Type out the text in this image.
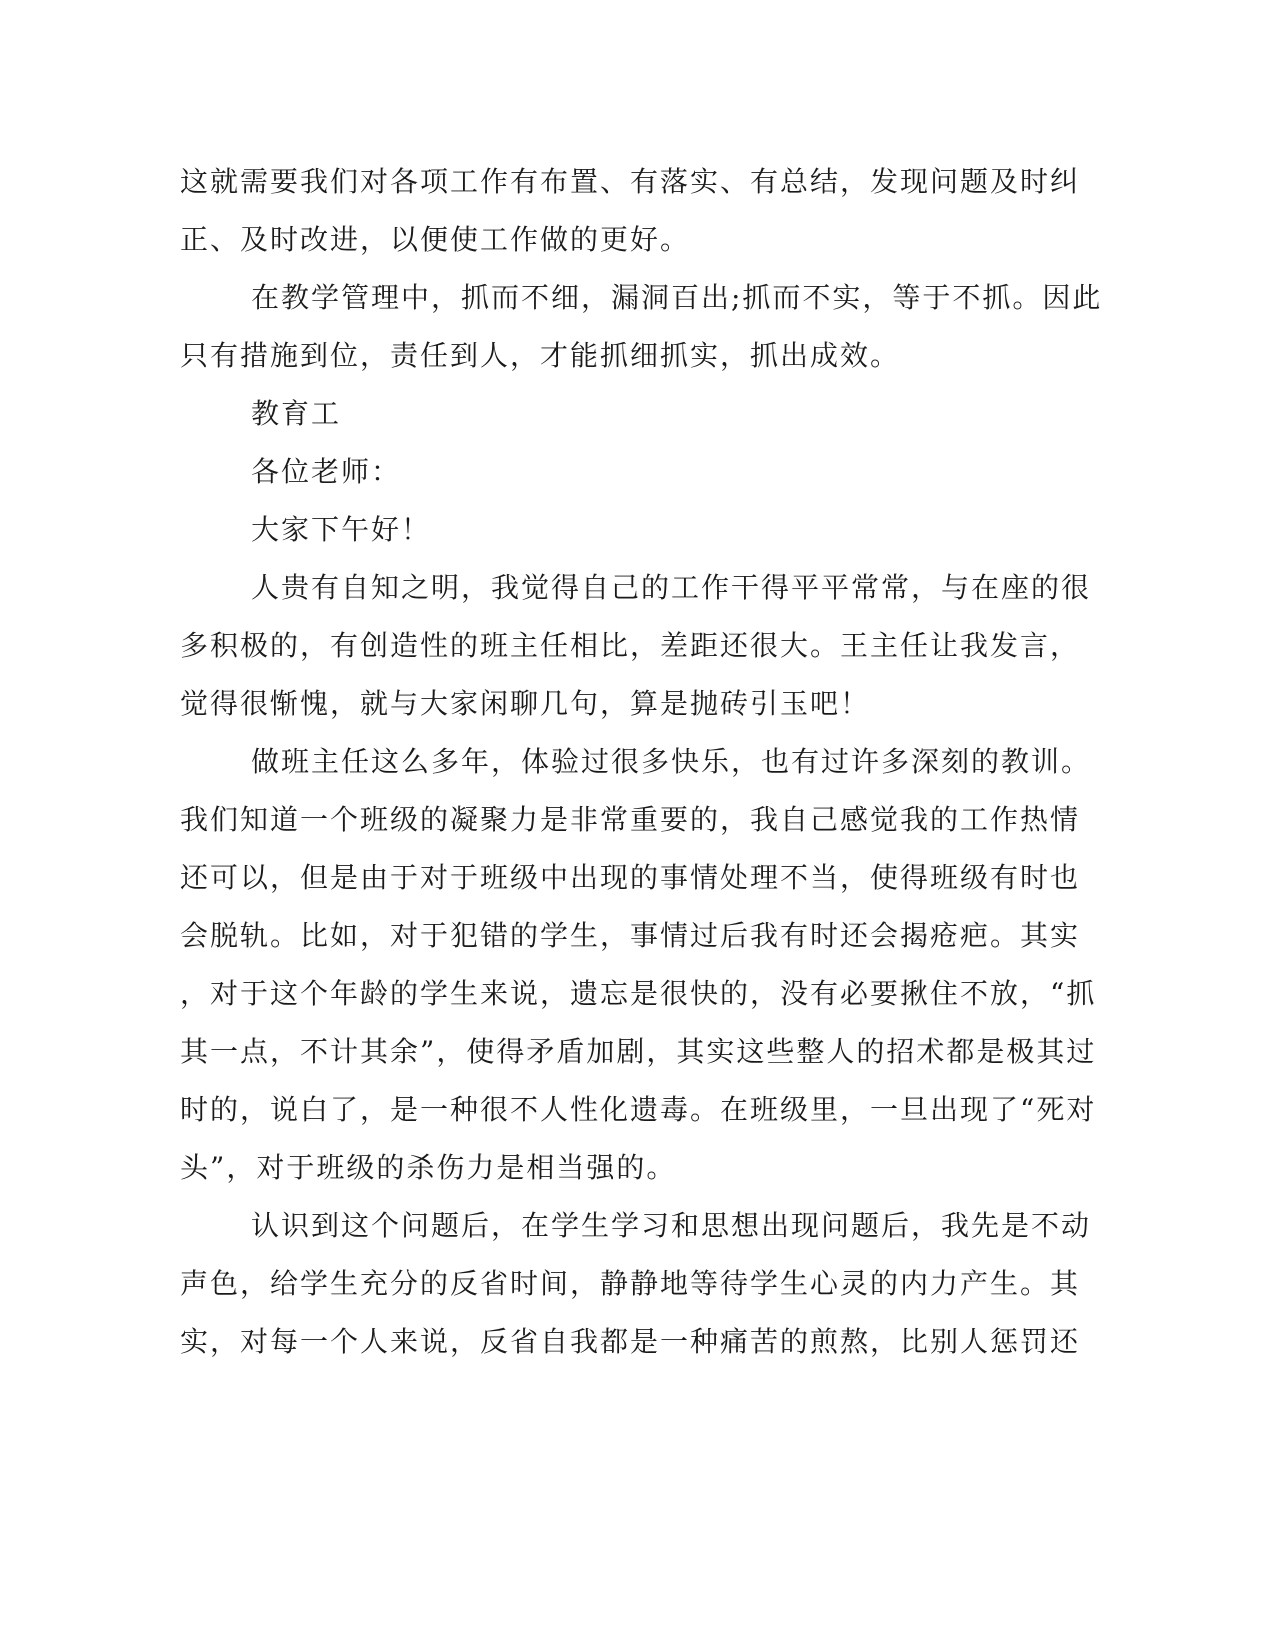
这就需要我们对各项工作有布置、有落实、有总结，发现问题及时纠
正、及时改进，以便使工作做的更好。
在教学管理中，抓而不细，漏洞百出;抓而不实，等于不抓。因此
只有措施到位，责任到人，才能抓细抓实，抓出成效。
教育工
各位老师：
大家下午好！
人贵有自知之明，我觉得自己的工作干得平平常常，与在座的很
多积极的，有创造性的班主任相比，差距还很大。王主任让我发言，
觉得很惭愧，就与大家闲聊几句，算是抛砖引玉吧！
做班主任这么多年，体验过很多快乐，也有过许多深刻的教训。
我们知道一个班级的凝聚力是非常重要的，我自己感觉我的工作热情
还可以，但是由于对于班级中出现的事情处理不当，使得班级有时也
会脱轨。比如，对于犯错的学生，事情过后我有时还会揭疮疤。其实
，对于这个年龄的学生来说，遗忘是很快的，没有必要揪住不放，“抓
其一点，不计其余”，使得矛盾加剧，其实这些整人的招术都是极其过
时的，说白了，是一种很不人性化遗毒。在班级里，一旦出现了“死对
头”，对于班级的杀伤力是相当强的。
认识到这个问题后，在学生学习和思想出现问题后，我先是不动
声色，给学生充分的反省时间，静静地等待学生心灵的内力产生。其
实，对每一个人来说，反省自我都是一种痛苦的煎熬，比别人惩罚还
